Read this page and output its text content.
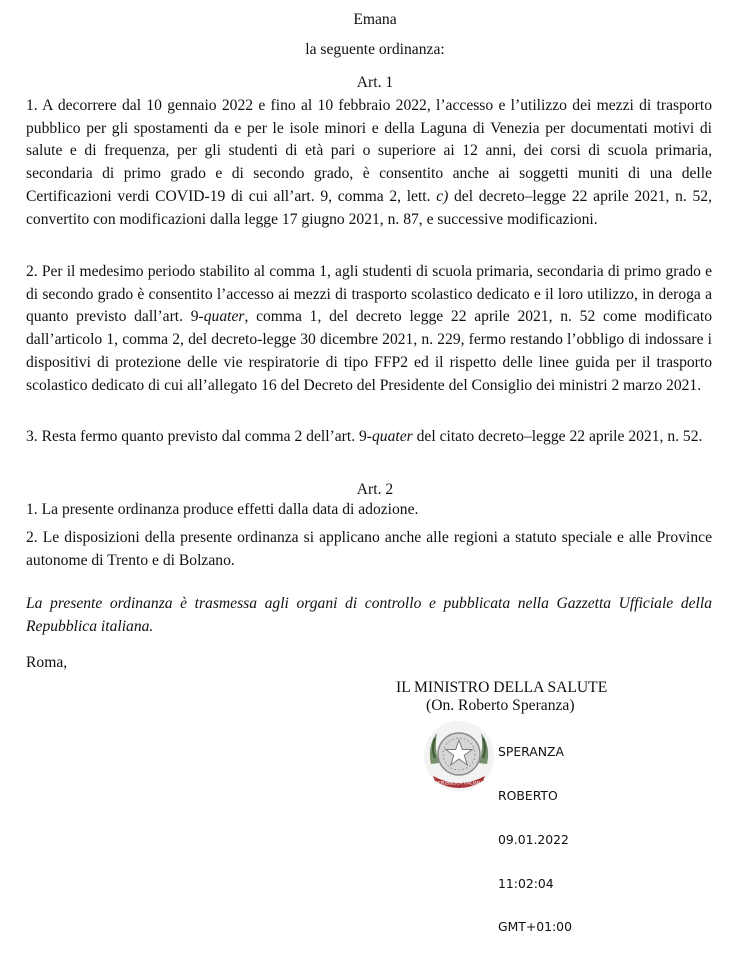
Emana
la seguente ordinanza:
Art. 1

1. A decorrere dal 10 gennaio 2022 e fino al 10 febbraio 2022, l’accesso e l’utilizzo dei mezzi di trasporto pubblico per gli spostamenti da e per le isole minori e della Laguna di Venezia per documentati motivi di salute e di frequenza, per gli studenti di età pari o superiore ai 12 anni, dei corsi di scuola primaria, secondaria di primo grado e di secondo grado, è consentito anche ai soggetti muniti di una delle Certificazioni verdi COVID-19 di cui all’art. 9, comma 2, lett. c) del decreto–legge 22 aprile 2021, n. 52, convertito con modificazioni dalla legge 17 giugno 2021, n. 87, e successive modificazioni.

2. Per il medesimo periodo stabilito al comma 1, agli studenti di scuola primaria, secondaria di primo grado e di secondo grado è consentito l’accesso ai mezzi di trasporto scolastico dedicato e il loro utilizzo, in deroga a quanto previsto dall’art. 9-quater, comma 1, del decreto legge 22 aprile 2021, n. 52 come modificato dall’articolo 1, comma 2, del decreto-legge 30 dicembre 2021, n. 229, fermo restando l’obbligo di indossare i dispositivi di protezione delle vie respiratorie di tipo FFP2 ed il rispetto delle linee guida per il trasporto scolastico dedicato di cui all’allegato 16 del Decreto del Presidente del Consiglio dei ministri 2 marzo 2021.

3. Resta fermo quanto previsto dal comma 2 dell’art. 9-quater del citato decreto–legge 22 aprile 2021, n. 52.

Art. 2

1. La presente ordinanza produce effetti dalla data di adozione.

2. Le disposizioni della presente ordinanza si applicano anche alle regioni a statuto speciale e alle Province autonome di Trento e di Bolzano.

La presente ordinanza è trasmessa agli organi di controllo e pubblicata nella Gazzetta Ufficiale della Repubblica italiana.

Roma,
IL MINISTRO DELLA SALUTE
(On. Roberto Speranza)
REPUBBLICA ITALIANA

SPERANZA

ROBERTO

09.01.2022

11:02:04

GMT+01:00
